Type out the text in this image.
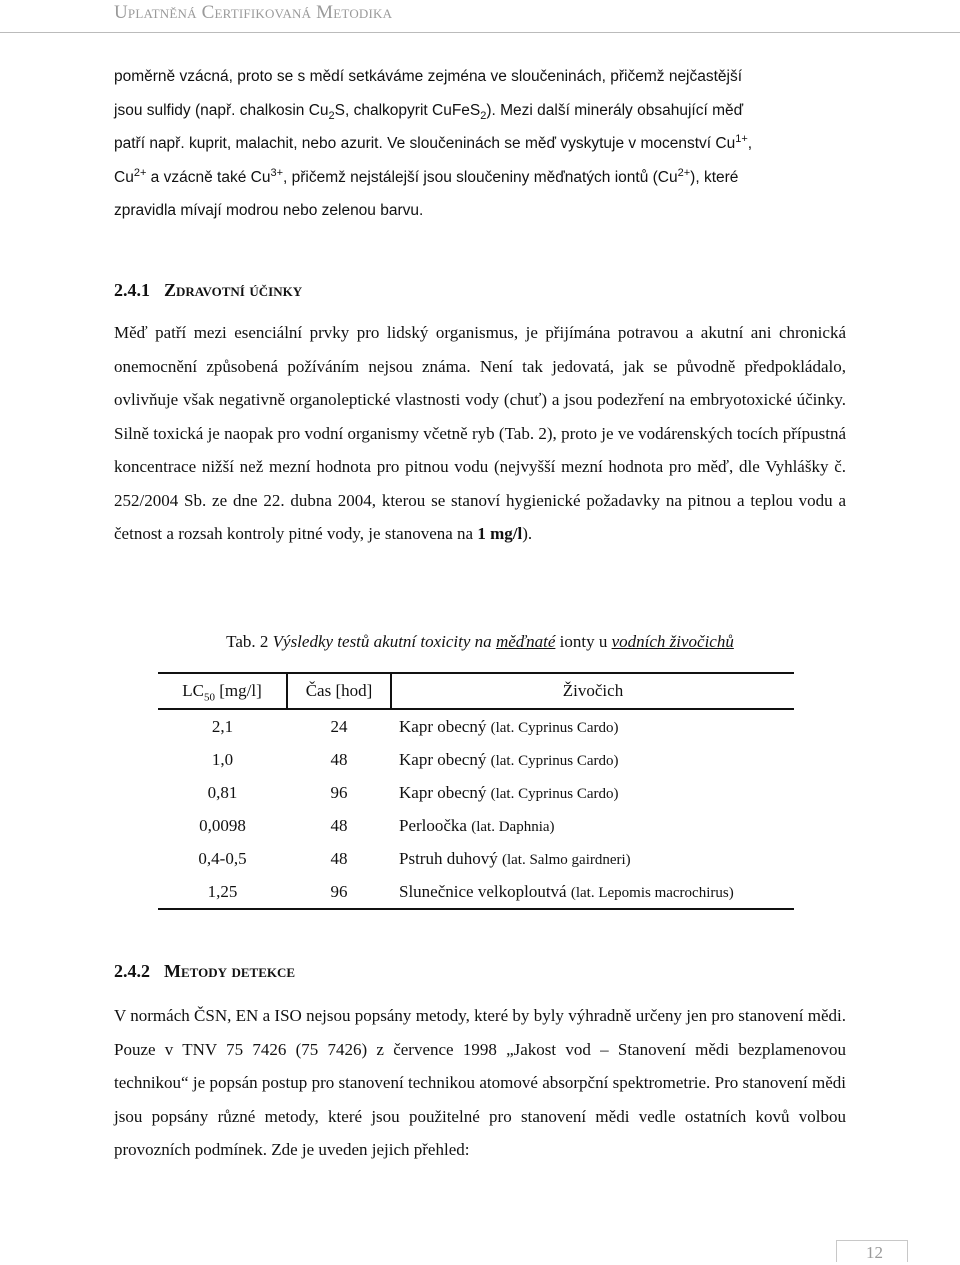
Uplatněná Certifikovaná Metodika
poměrně vzácná, proto se s mědí setkáváme zejména ve sloučeninách, přičemž nejčastější
jsou sulfidy (např. chalkosin $Cu_2S$, chalkopyrit CuFeS$_2$). Mezi další minerály obsahující měď
patří např. kuprit, malachit, nebo azurit. Ve sloučeninách se měď vyskytuje v mocenství $Cu^{1+}$,
$Cu^{2+}$ a vzácně také $Cu^{3+}$, přičemž nejstálejší jsou sloučeniny měďnatých iontů $(Cu^{2+})$, které
zpravidla mívají modrou nebo zelenou barvu.
2.4.1 Zdravotní účinky
Měď patří mezi esenciální prvky pro lidský organismus, je přijímána potravou a akutní ani chronická onemocnění způsobená požíváním nejsou známa. Není tak jedovatá, jak se původně předpokládalo, ovlivňuje však negativně organoleptické vlastnosti vody (chuť) a jsou podezření na embryotoxické účinky. Silně toxická je naopak pro vodní organismy včetně ryb (Tab. 2), proto je ve vodárenských tocích přípustná koncentrace nižší než mezní hodnota pro pitnou vodu (nejvyšší mezní hodnota pro měď, dle Vyhlášky č. 252/2004 Sb. ze dne 22. dubna 2004, kterou se stanoví hygienické požadavky na pitnou a teplou vodu a četnost a rozsah kontroly pitné vody, je stanovena na 1 mg/l).
Tab. 2 Výsledky testů akutní toxicity na měďnaté ionty u vodních živočichů
$LC_{50}$ [mg/l]	Čas [hod]	Živočich
2,1	24	Kapr obecný (lat. Cyprinus Cardo)
1,0	48	Kapr obecný (lat. Cyprinus Cardo)
0,81	96	Kapr obecný (lat. Cyprinus Cardo)
0,0098	48	Perloočka (lat. Daphnia)
0,4-0,5	48	Pstruh duhový (lat. Salmo gairdneri)
1,25	96	Slunečnice velkoploutvá (lat. Lepomis macrochirus)
2.4.2 Metody detekce
V normách ČSN, EN a ISO nejsou popsány metody, které by byly výhradně určeny jen pro stanovení mědi. Pouze v TNV 75 7426 (75 7426) z července 1998 „Jakost vod – Stanovení mědi bezplamenovou technikou“ je popsán postup pro stanovení technikou atomové absorpční spektrometrie. Pro stanovení mědi jsou popsány různé metody, které jsou použitelné pro stanovení mědi vedle ostatních kovů volbou provozních podmínek. Zde je uveden jejich přehled:
12
